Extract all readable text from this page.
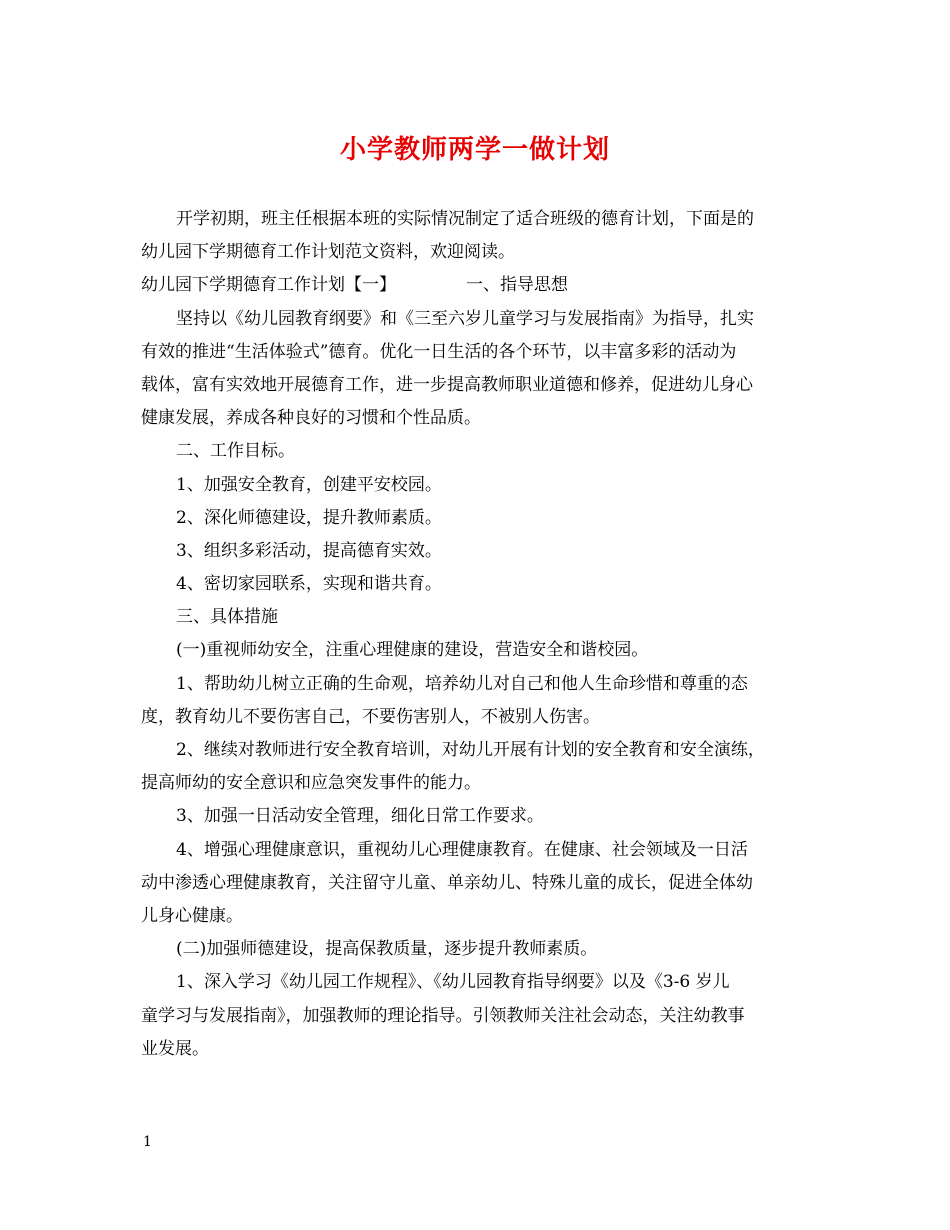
小学教师两学一做计划
开学初期，班主任根据本班的实际情况制定了适合班级的德育计划，下面是的
幼儿园下学期德育工作计划范文资料，欢迎阅读。
幼儿园下学期德育工作计划【一】	一、指导思想
坚持以《幼儿园教育纲要》和《三至六岁儿童学习与发展指南》为指导，扎实
有效的推进“生活体验式”德育。优化一日生活的各个环节，以丰富多彩的活动为
载体，富有实效地开展德育工作，进一步提高教师职业道德和修养，促进幼儿身心
健康发展，养成各种良好的习惯和个性品质。
二、工作目标。
1、加强安全教育，创建平安校园。
2、深化师德建设，提升教师素质。
3、组织多彩活动，提高德育实效。
4、密切家园联系，实现和谐共育。
三、具体措施
(一)重视师幼安全，注重心理健康的建设，营造安全和谐校园。
1、帮助幼儿树立正确的生命观，培养幼儿对自己和他人生命珍惜和尊重的态
度，教育幼儿不要伤害自己，不要伤害别人，不被别人伤害。
2、继续对教师进行安全教育培训，对幼儿开展有计划的安全教育和安全演练，
提高师幼的安全意识和应急突发事件的能力。
3、加强一日活动安全管理，细化日常工作要求。
4、增强心理健康意识，重视幼儿心理健康教育。在健康、社会领域及一日活
动中渗透心理健康教育，关注留守儿童、单亲幼儿、特殊儿童的成长，促进全体幼
儿身心健康。
(二)加强师德建设，提高保教质量，逐步提升教师素质。
1、深入学习《幼儿园工作规程》、《幼儿园教育指导纲要》以及《3-6 岁儿
童学习与发展指南》，加强教师的理论指导。引领教师关注社会动态，关注幼教事
业发展。
1
